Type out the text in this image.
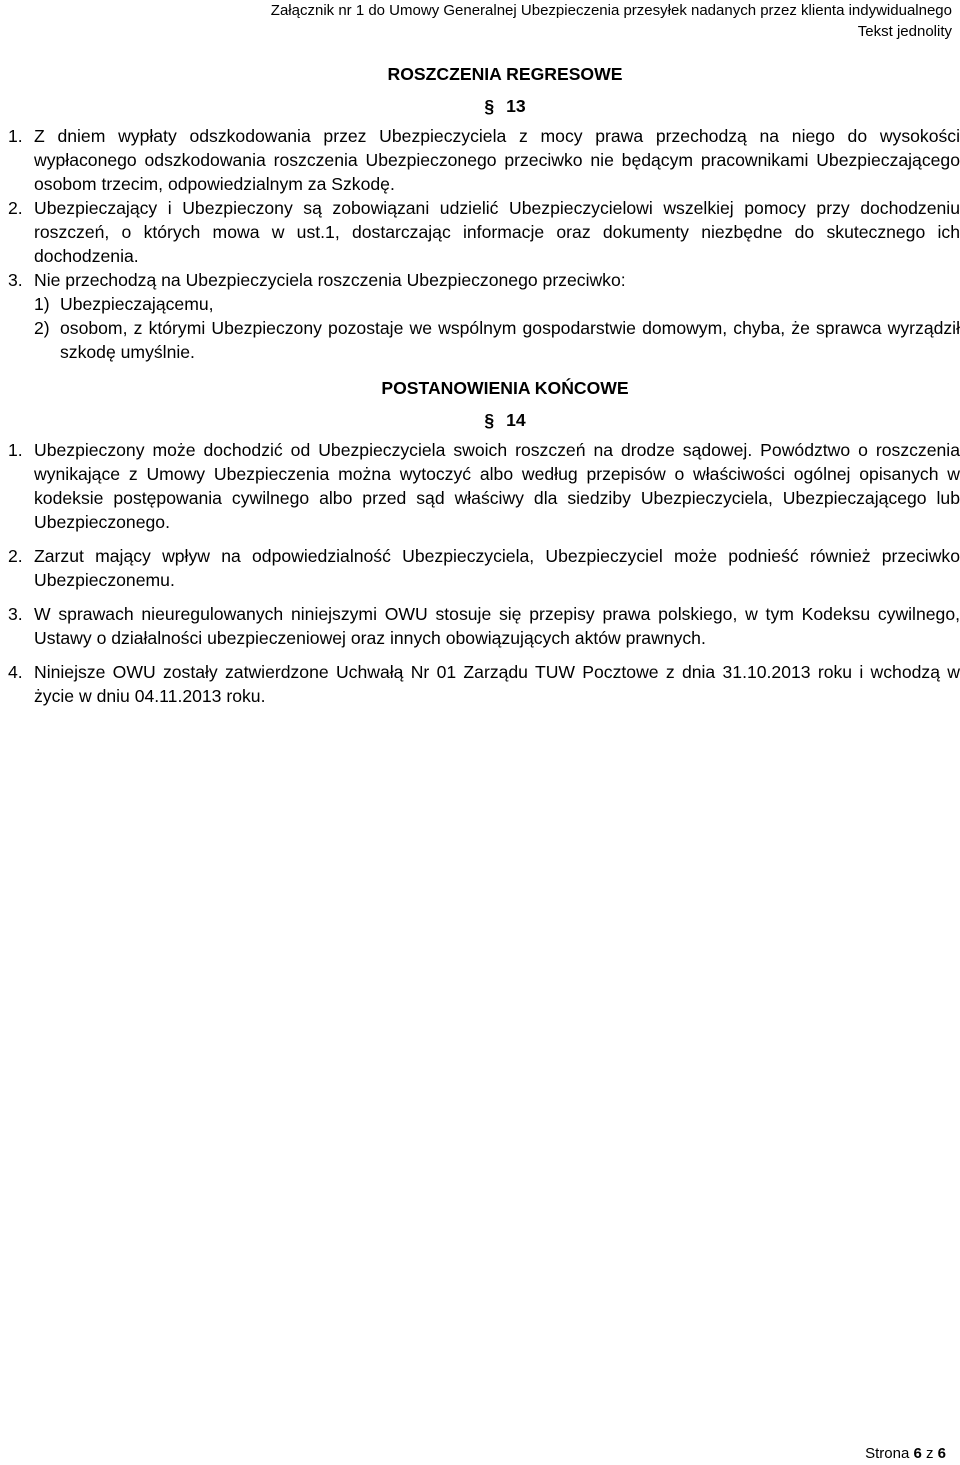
Załącznik nr 1 do Umowy Generalnej Ubezpieczenia przesyłek nadanych przez klienta indywidualnego
Tekst jednolity
ROSZCZENIA REGRESOWE
§ 13
1. Z dniem wypłaty odszkodowania przez Ubezpieczyciela z mocy prawa przechodzą na niego do wysokości wypłaconego odszkodowania roszczenia Ubezpieczonego przeciwko nie będącym pracownikami Ubezpieczającego osobom trzecim, odpowiedzialnym za Szkodę.
2. Ubezpieczający i Ubezpieczony są zobowiązani udzielić Ubezpieczycielowi wszelkiej pomocy przy dochodzeniu roszczeń, o których mowa w ust.1, dostarczając informacje oraz dokumenty niezbędne do skutecznego ich dochodzenia.
3. Nie przechodzą na Ubezpieczyciela roszczenia Ubezpieczonego przeciwko:
1) Ubezpieczającemu,
2) osobom, z którymi Ubezpieczony pozostaje we wspólnym gospodarstwie domowym, chyba, że sprawca wyrządził szkodę umyślnie.
POSTANOWIENIA KOŃCOWE
§ 14
1. Ubezpieczony może dochodzić od Ubezpieczyciela swoich roszczeń na drodze sądowej. Powództwo o roszczenia wynikające z Umowy Ubezpieczenia można wytoczyć albo według przepisów o właściwości ogólnej opisanych w kodeksie postępowania cywilnego albo przed sąd właściwy dla siedziby Ubezpieczyciela, Ubezpieczającego lub Ubezpieczonego.
2. Zarzut mający wpływ na odpowiedzialność Ubezpieczyciela, Ubezpieczyciel może podnieść również przeciwko Ubezpieczonemu.
3. W sprawach nieuregulowanych niniejszymi OWU stosuje się przepisy prawa polskiego, w tym Kodeksu cywilnego, Ustawy o działalności ubezpieczeniowej oraz innych obowiązujących aktów prawnych.
4. Niniejsze OWU zostały zatwierdzone Uchwałą Nr 01 Zarządu TUW Pocztowe z dnia 31.10.2013 roku i wchodzą w życie w dniu 04.11.2013 roku.
Strona 6 z 6
